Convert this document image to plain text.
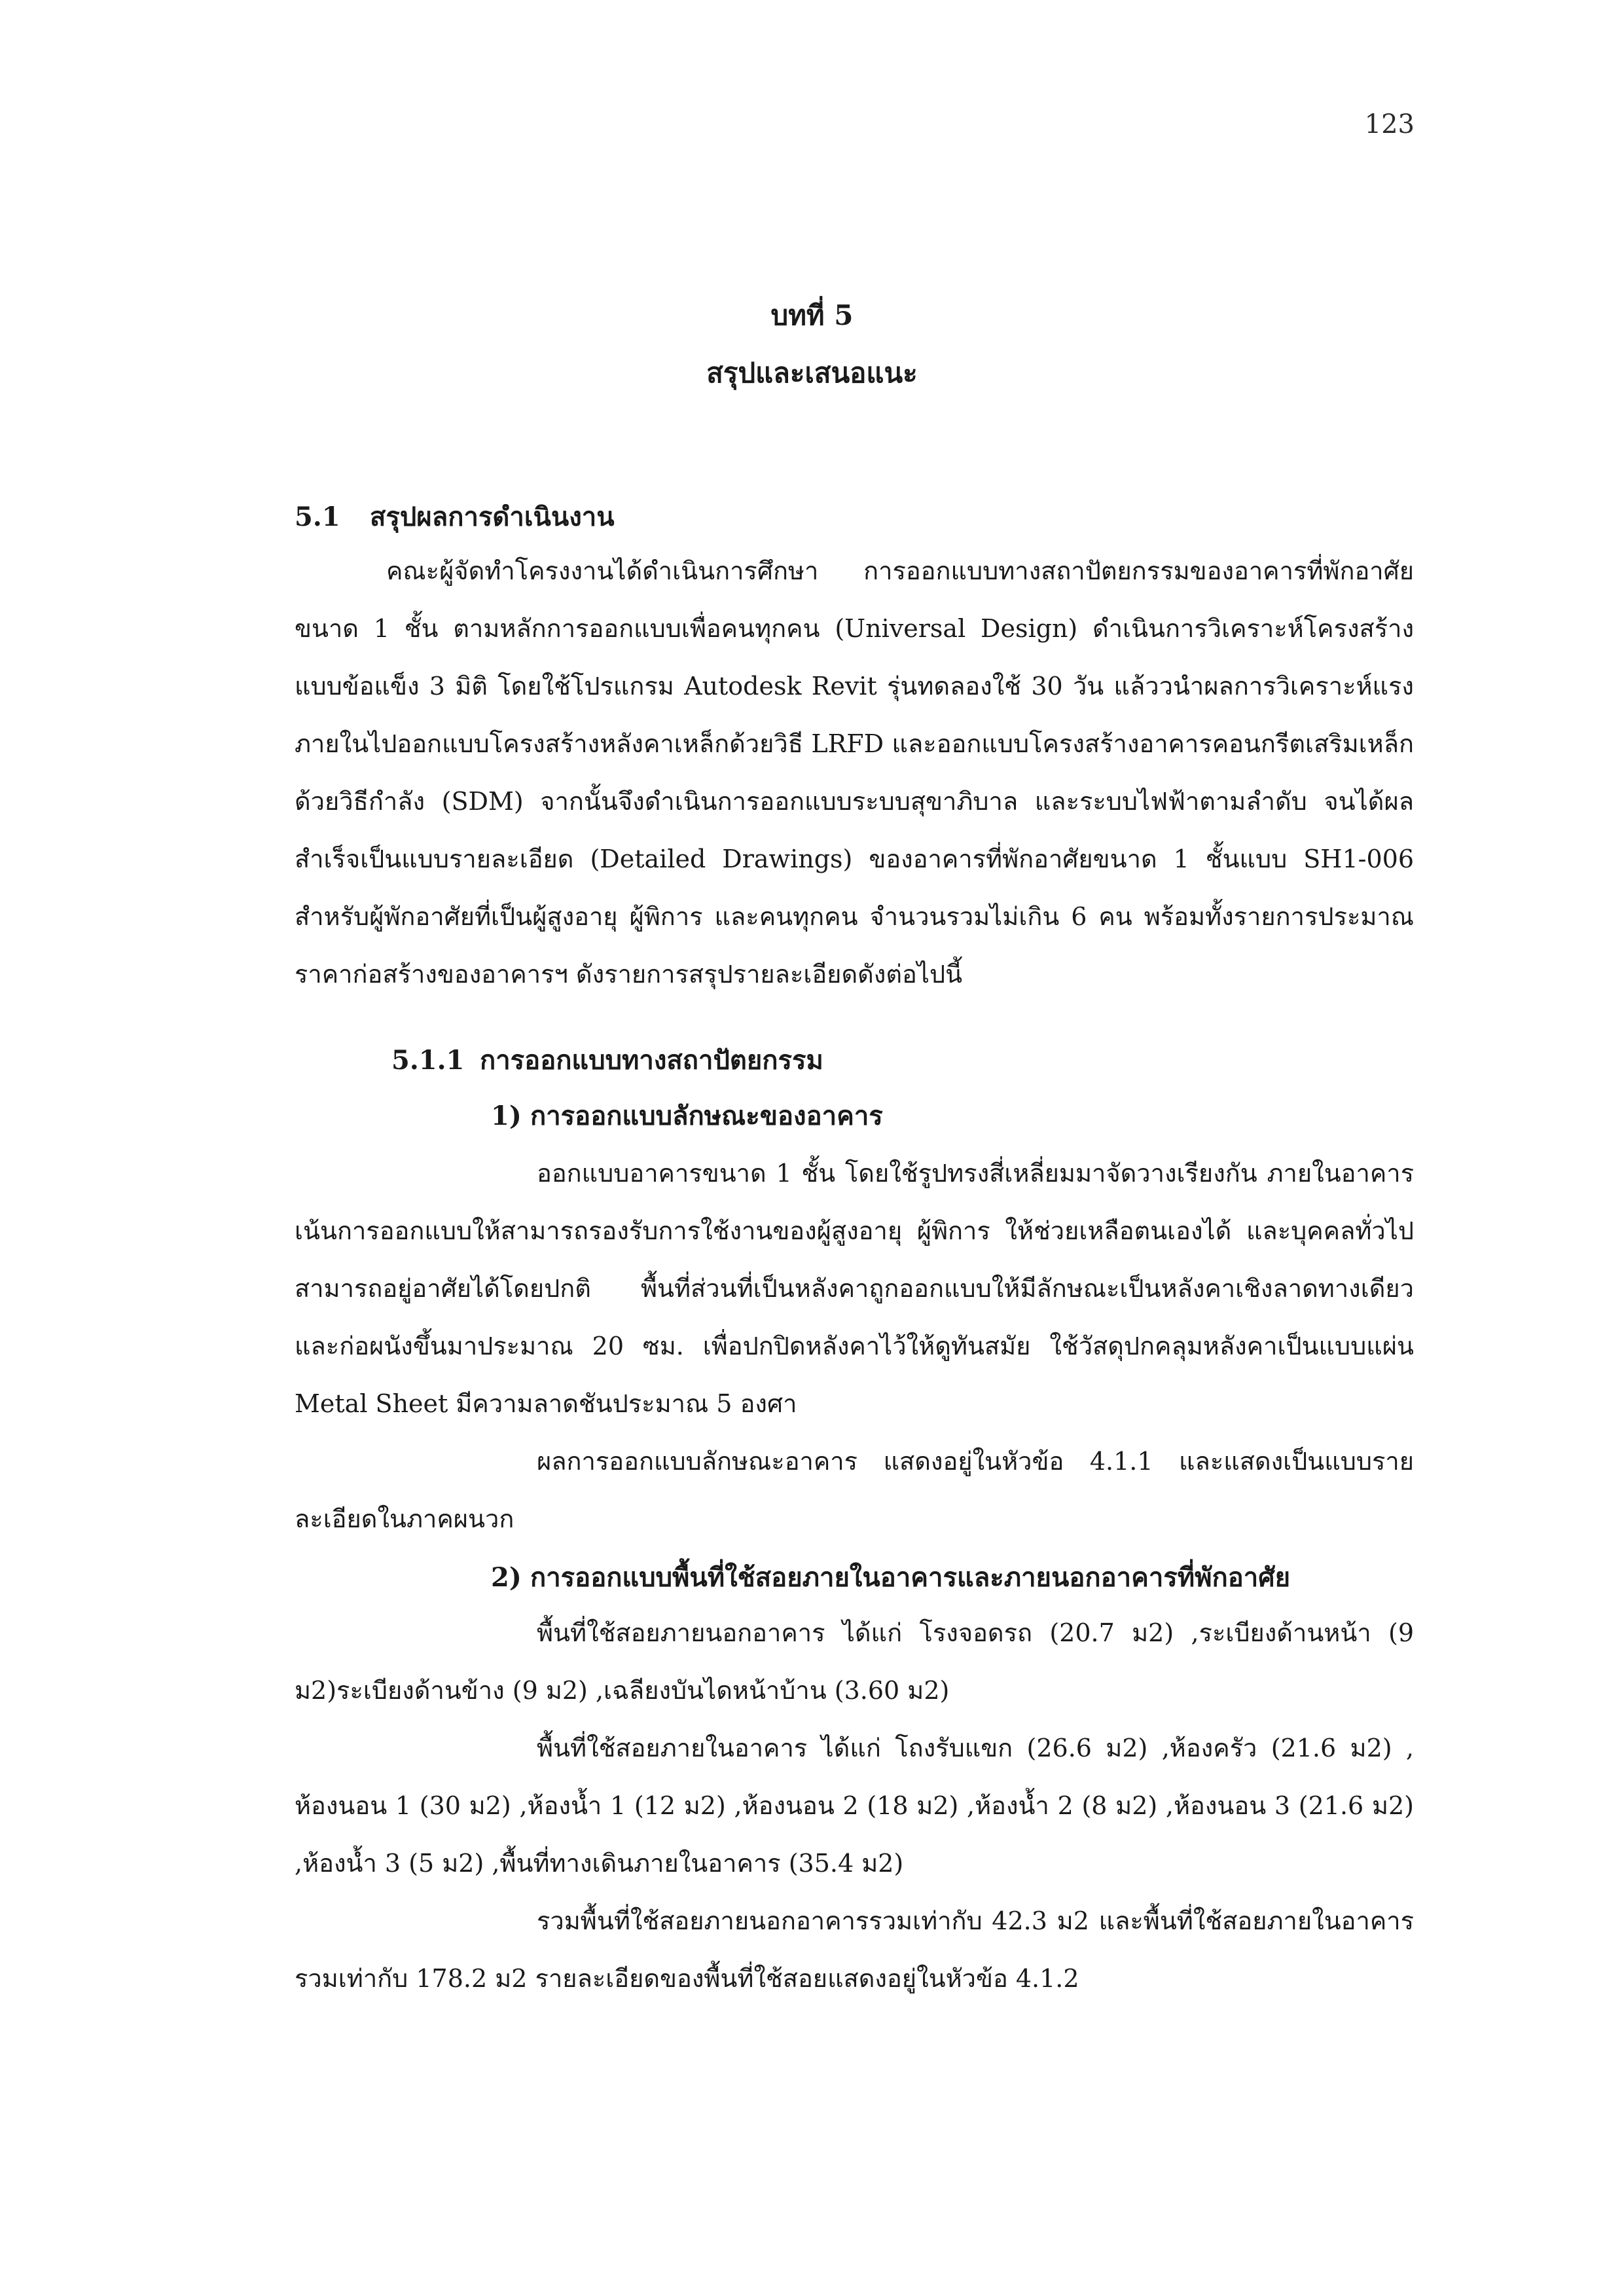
123
บทที่ 5
สรุปและเสนอแนะ
5.1 สรุปผลการดำเนินงาน

คณะผู้จัดทำโครงงานได้ดำเนินการศึกษา การออกแบบทางสถาปัตยกรรมของอาคารที่พักอาศัยขนาด 1 ชั้น ตามหลักการออกแบบเพื่อคนทุกคน (Universal Design) ดำเนินการวิเคราะห์โครงสร้างแบบข้อแข็ง 3 มิติ โดยใช้โปรแกรม Autodesk Revit รุ่นทดลองใช้ 30 วัน แล้ววนำผลการวิเคราะห์แรงภายในไปออกแบบโครงสร้างหลังคาเหล็กด้วยวิธี LRFD และออกแบบโครงสร้างอาคารคอนกรีตเสริมเหล็กด้วยวิธีกำลัง (SDM) จากนั้นจึงดำเนินการออกแบบระบบสุขาภิบาล และระบบไฟฟ้าตามลำดับ จนได้ผลสำเร็จเป็นแบบรายละเอียด (Detailed Drawings) ของอาคารที่พักอาศัยขนาด 1 ชั้นแบบ SH1-006 สำหรับผู้พักอาศัยที่เป็นผู้สูงอายุ ผู้พิการ และคนทุกคน จำนวนรวมไม่เกิน 6 คน พร้อมทั้งรายการประมาณราคาก่อสร้างของอาคารฯ ดังรายการสรุปรายละเอียดดังต่อไปนี้

5.1.1 การออกแบบทางสถาปัตยกรรม
1) การออกแบบลักษณะของอาคาร

ออกแบบอาคารขนาด 1 ชั้น โดยใช้รูปทรงสี่เหลี่ยมมาจัดวางเรียงกัน ภายในอาคารเน้นการออกแบบให้สามารถรองรับการใช้งานของผู้สูงอายุ ผู้พิการ ให้ช่วยเหลือตนเองได้ และบุคคลทั่วไปสามารถอยู่อาศัยได้โดยปกติ พื้นที่ส่วนที่เป็นหลังคาถูกออกแบบให้มีลักษณะเป็นหลังคาเชิงลาดทางเดียว และก่อผนังขึ้นมาประมาณ 20 ซม. เพื่อปกปิดหลังคาไว้ให้ดูทันสมัย ใช้วัสดุปกคลุมหลังคาเป็นแบบแผ่น Metal Sheet มีความลาดชันประมาณ 5 องศา

ผลการออกแบบลักษณะอาคาร แสดงอยู่ในหัวข้อ 4.1.1 และแสดงเป็นแบบรายละเอียดในภาคผนวก

2) การออกแบบพื้นที่ใช้สอยภายในอาคารและภายนอกอาคารที่พักอาศัย

พื้นที่ใช้สอยภายนอกอาคาร ได้แก่ โรงจอดรถ (20.7 ม2) ,ระเบียงด้านหน้า (9 ม2)ระเบียงด้านข้าง (9 ม2) ,เฉลียงบันไดหน้าบ้าน (3.60 ม2)

พื้นที่ใช้สอยภายในอาคาร ได้แก่ โถงรับแขก (26.6 ม2) ,ห้องครัว (21.6 ม2) , ห้องนอน 1 (30 ม2) ,ห้องน้ำ 1 (12 ม2) ,ห้องนอน 2 (18 ม2) ,ห้องน้ำ 2 (8 ม2) ,ห้องนอน 3 (21.6 ม2) ,ห้องน้ำ 3 (5 ม2) ,พื้นที่ทางเดินภายในอาคาร (35.4 ม2)

รวมพื้นที่ใช้สอยภายนอกอาคารรวมเท่ากับ 42.3 ม2 และพื้นที่ใช้สอยภายในอาคาร รวมเท่ากับ 178.2 ม2 รายละเอียดของพื้นที่ใช้สอยแสดงอยู่ในหัวข้อ 4.1.2
